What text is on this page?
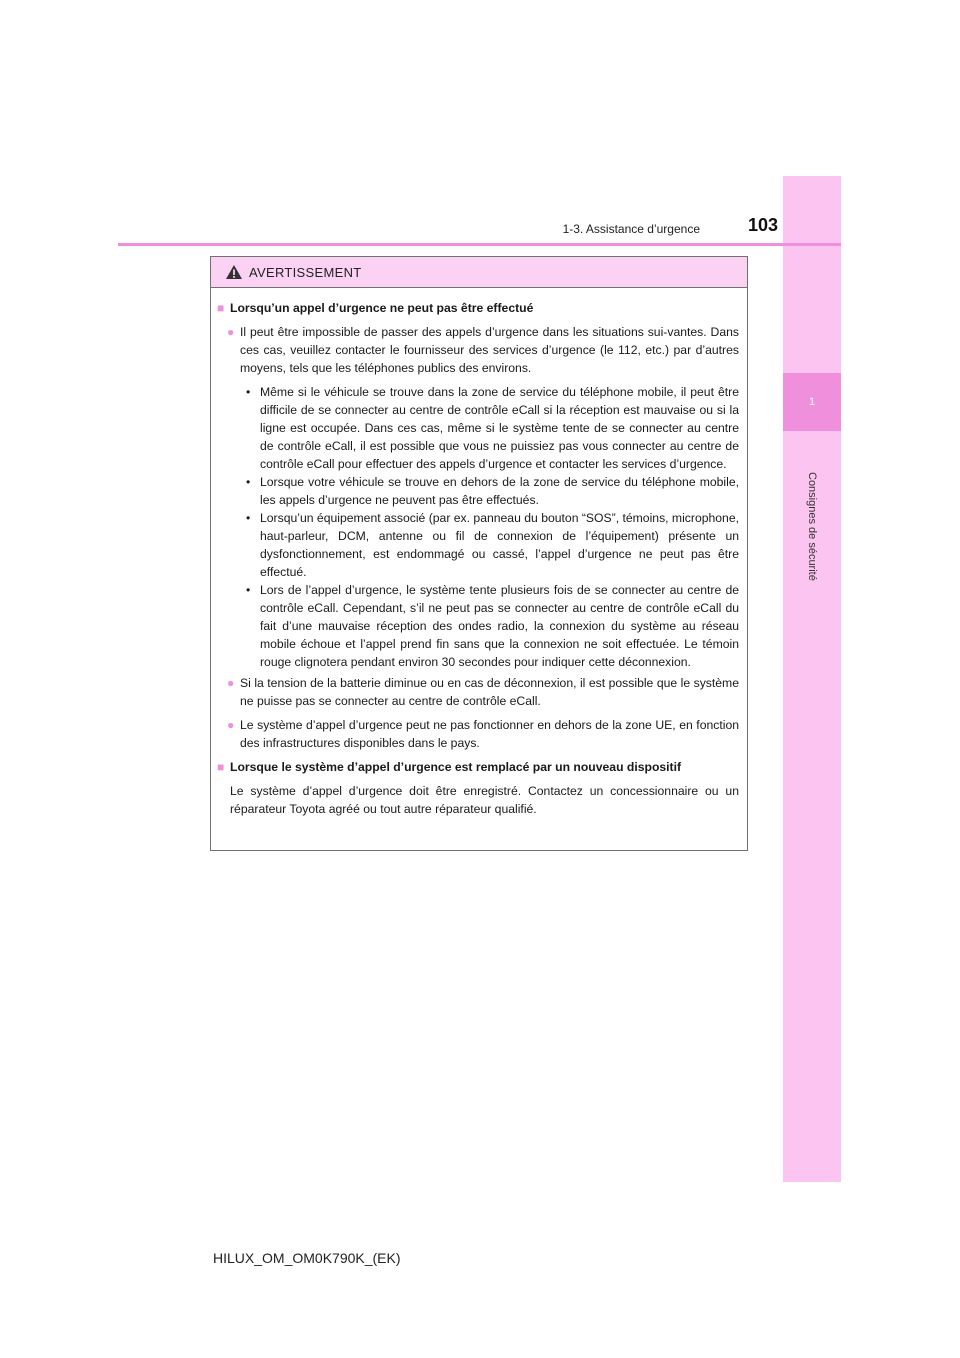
1
Consignes de sécurité
1-3. Assistance d’urgence	103
AVERTISSEMENT
■ Lorsqu’un appel d’urgence ne peut pas être effectué
● Il peut être impossible de passer des appels d’urgence dans les situations sui-vantes. Dans ces cas, veuillez contacter le fournisseur des services d’urgence (le 112, etc.) par d’autres moyens, tels que les téléphones publics des environs.
• Même si le véhicule se trouve dans la zone de service du téléphone mobile, il peut être difficile de se connecter au centre de contrôle eCall si la réception est mauvaise ou si la ligne est occupée. Dans ces cas, même si le système tente de se connecter au centre de contrôle eCall, il est possible que vous ne puissiez pas vous connecter au centre de contrôle eCall pour effectuer des appels d’urgence et contacter les services d’urgence.
• Lorsque votre véhicule se trouve en dehors de la zone de service du téléphone mobile, les appels d’urgence ne peuvent pas être effectués.
• Lorsqu’un équipement associé (par ex. panneau du bouton “SOS”, témoins, microphone, haut-parleur, DCM, antenne ou fil de connexion de l’équipement) présente un dysfonctionnement, est endommagé ou cassé, l’appel d’urgence ne peut pas être effectué.
• Lors de l’appel d’urgence, le système tente plusieurs fois de se connecter au centre de contrôle eCall. Cependant, s’il ne peut pas se connecter au centre de contrôle eCall du fait d’une mauvaise réception des ondes radio, la connexion du système au réseau mobile échoue et l’appel prend fin sans que la connexion ne soit effectuée. Le témoin rouge clignotera pendant environ 30 secondes pour indiquer cette déconnexion.
● Si la tension de la batterie diminue ou en cas de déconnexion, il est possible que le système ne puisse pas se connecter au centre de contrôle eCall.
● Le système d’appel d’urgence peut ne pas fonctionner en dehors de la zone UE, en fonction des infrastructures disponibles dans le pays.
■ Lorsque le système d’appel d’urgence est remplacé par un nouveau dispositif
Le système d’appel d’urgence doit être enregistré. Contactez un concessionnaire ou un réparateur Toyota agréé ou tout autre réparateur qualifié.
HILUX_OM_OM0K790K_(EK)
